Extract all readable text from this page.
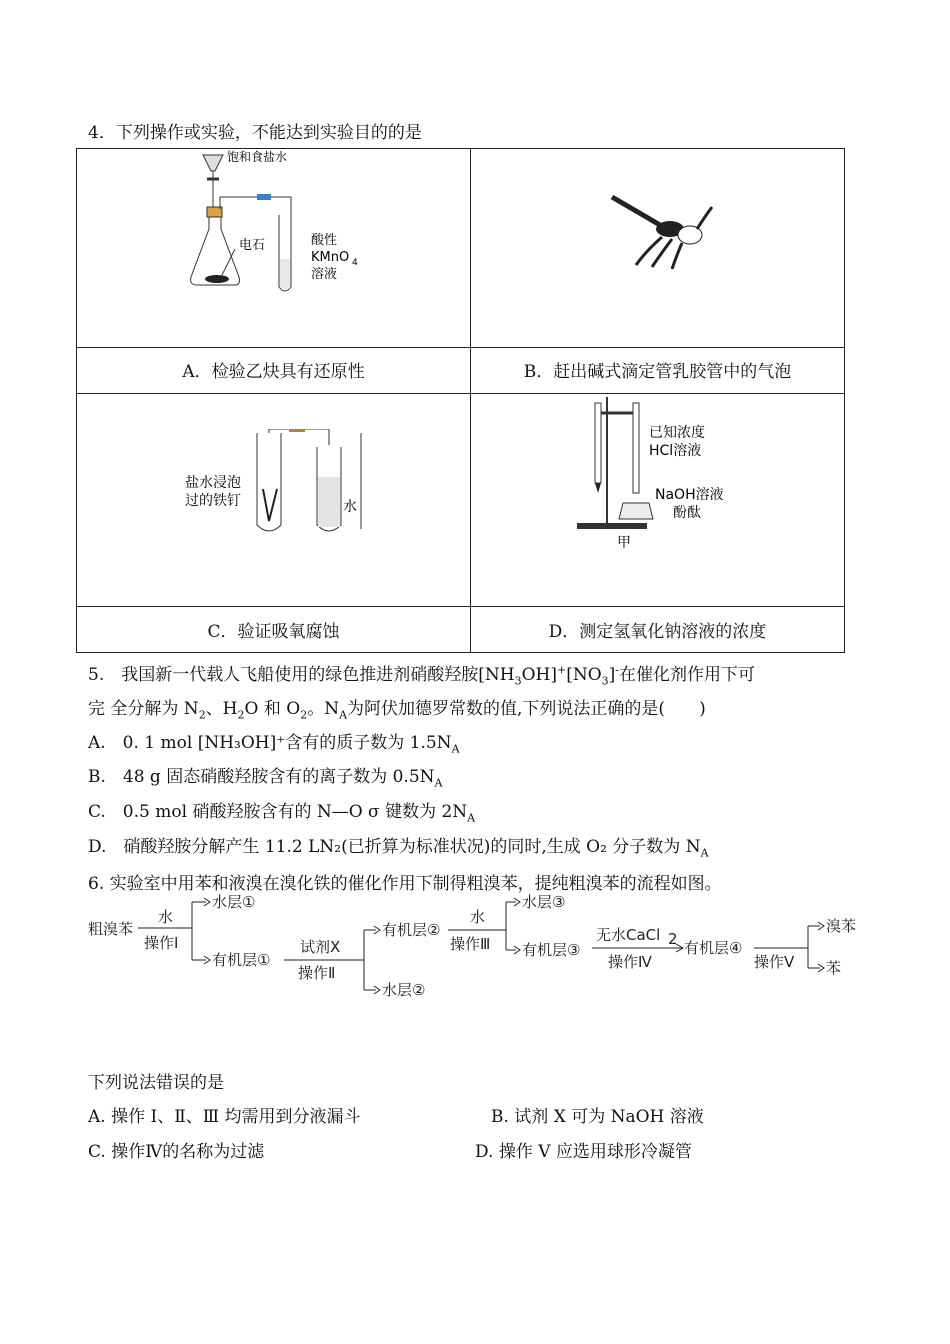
4．下列操作或实验，不能达到实验目的的是
饱和食盐水
电石	酸性
KMnO 4
溶液
盐水浸泡
过的铁钉	水
已知浓度
HCl溶液
NaOH溶液
酚酞
甲
A．检验乙炔具有还原性	B．赶出碱式滴定管乳胶管中的气泡
C．验证吸氧腐蚀	D．测定氢氧化钠溶液的浓度
5.　我国新一代载人飞船使用的绿色推进剂硝酸羟胺$[NH_3OH]^+[NO_3]^-$在催化剂作用下可
完 全分解为 $N_2$、$H_2O$ 和 $O_2$。$N_A$为阿伏加德罗常数的值,下列说法正确的是(　　)
A.　0. 1 mol [NH₃OH]⁺含有的质子数为 $1.5N_A$
B.　48 g 固态硝酸羟胺含有的离子数为 $0.5N_A$
C.　0.5 mol 硝酸羟胺含有的 N—O σ 键数为 $2N_A$
D.　硝酸羟胺分解产生 11.2 LN₂(已折算为标准状况)的同时,生成 O₂ 分子数为 $N_A$
6. 实验室中用苯和液溴在溴化铁的催化作用下制得粗溴苯，提纯粗溴苯的流程如图。
粗溴苯
水
操作Ⅰ
水层①
有机层①
试剂X
操作Ⅱ
有机层②
水层②
水
操作Ⅲ
水层③
有机层③
无水CaCl 2
操作Ⅳ
有机层④
操作Ⅴ
溴苯
苯
下列说法错误的是
A. 操作 Ⅰ、Ⅱ、Ⅲ 均需用到分液漏斗	B. 试剂 X 可为 NaOH 溶液
C. 操作Ⅳ的名称为过滤	D. 操作 Ⅴ 应选用球形冷凝管
